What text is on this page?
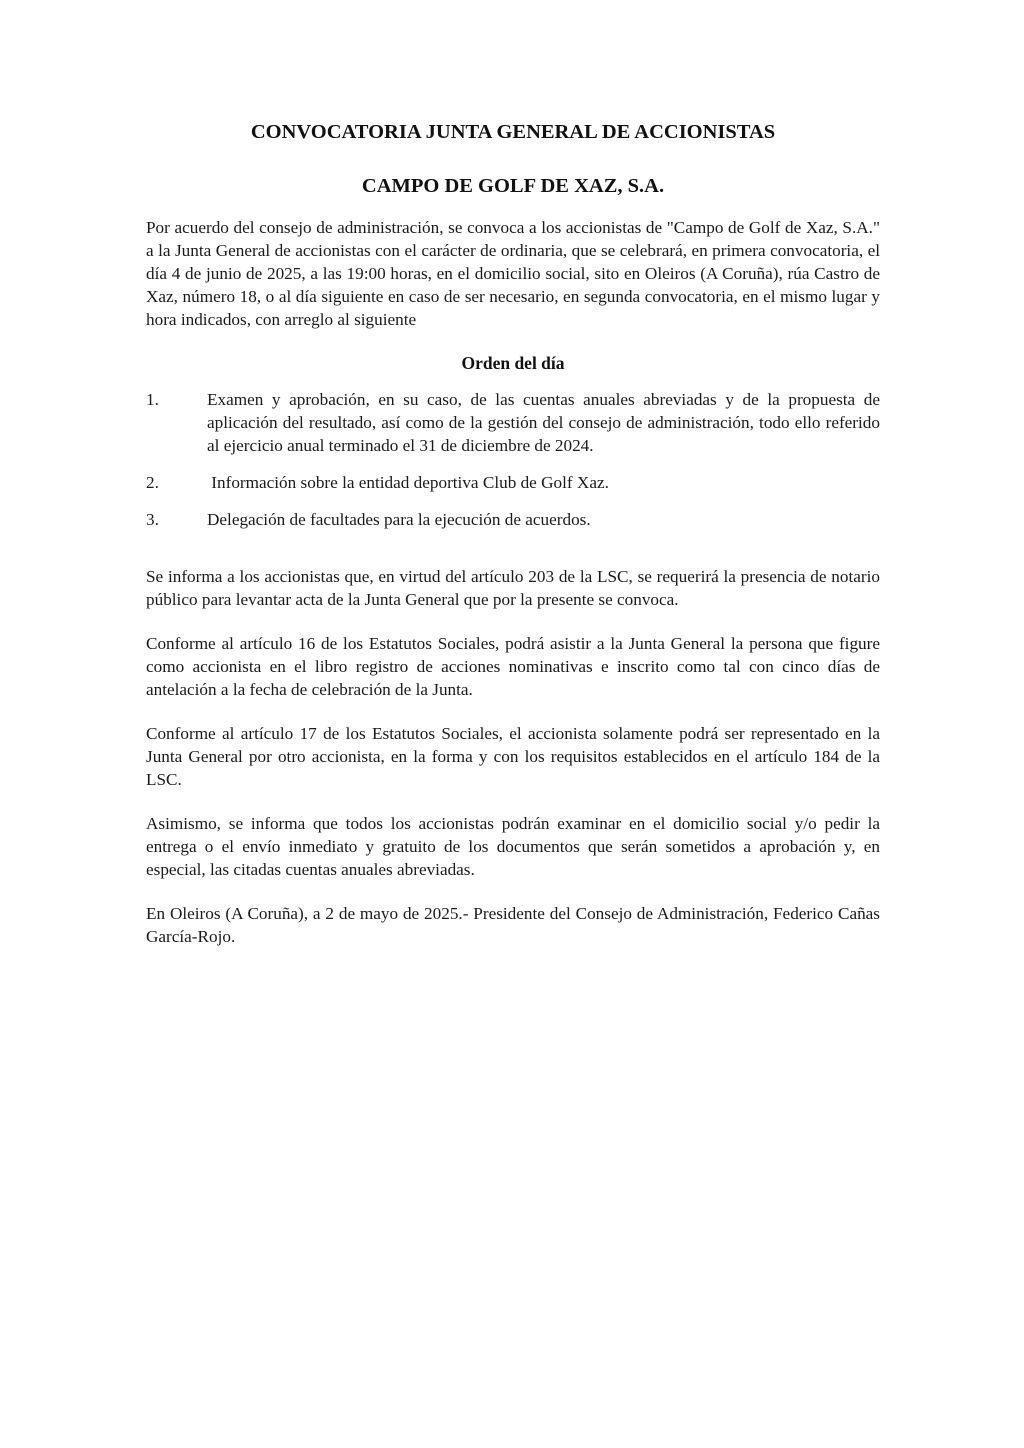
CONVOCATORIA JUNTA GENERAL DE ACCIONISTAS
CAMPO DE GOLF DE XAZ, S.A.

Por acuerdo del consejo de administración, se convoca a los accionistas de "Campo de Golf de Xaz, S.A." a la Junta General de accionistas con el carácter de ordinaria, que se celebrará, en primera convocatoria, el día 4 de junio de 2025, a las 19:00 horas, en el domicilio social, sito en Oleiros (A Coruña), rúa Castro de Xaz, número 18, o al día siguiente en caso de ser necesario, en segunda convocatoria, en el mismo lugar y hora indicados, con arreglo al siguiente

Orden del día
1.	Examen y aprobación, en su caso, de las cuentas anuales abreviadas y de la propuesta de aplicación del resultado, así como de la gestión del consejo de administración, todo ello referido al ejercicio anual terminado el 31 de diciembre de 2024.
2.	Información sobre la entidad deportiva Club de Golf Xaz.
3.	Delegación de facultades para la ejecución de acuerdos.

Se informa a los accionistas que, en virtud del artículo 203 de la LSC, se requerirá la presencia de notario público para levantar acta de la Junta General que por la presente se convoca.

Conforme al artículo 16 de los Estatutos Sociales, podrá asistir a la Junta General la persona que figure como accionista en el libro registro de acciones nominativas e inscrito como tal con cinco días de antelación a la fecha de celebración de la Junta.

Conforme al artículo 17 de los Estatutos Sociales, el accionista solamente podrá ser representado en la Junta General por otro accionista, en la forma y con los requisitos establecidos en el artículo 184 de la LSC.

Asimismo, se informa que todos los accionistas podrán examinar en el domicilio social y/o pedir la entrega o el envío inmediato y gratuito de los documentos que serán sometidos a aprobación y, en especial, las citadas cuentas anuales abreviadas.

En Oleiros (A Coruña), a 2 de mayo de 2025.- Presidente del Consejo de Administración, Federico Cañas García-Rojo.
